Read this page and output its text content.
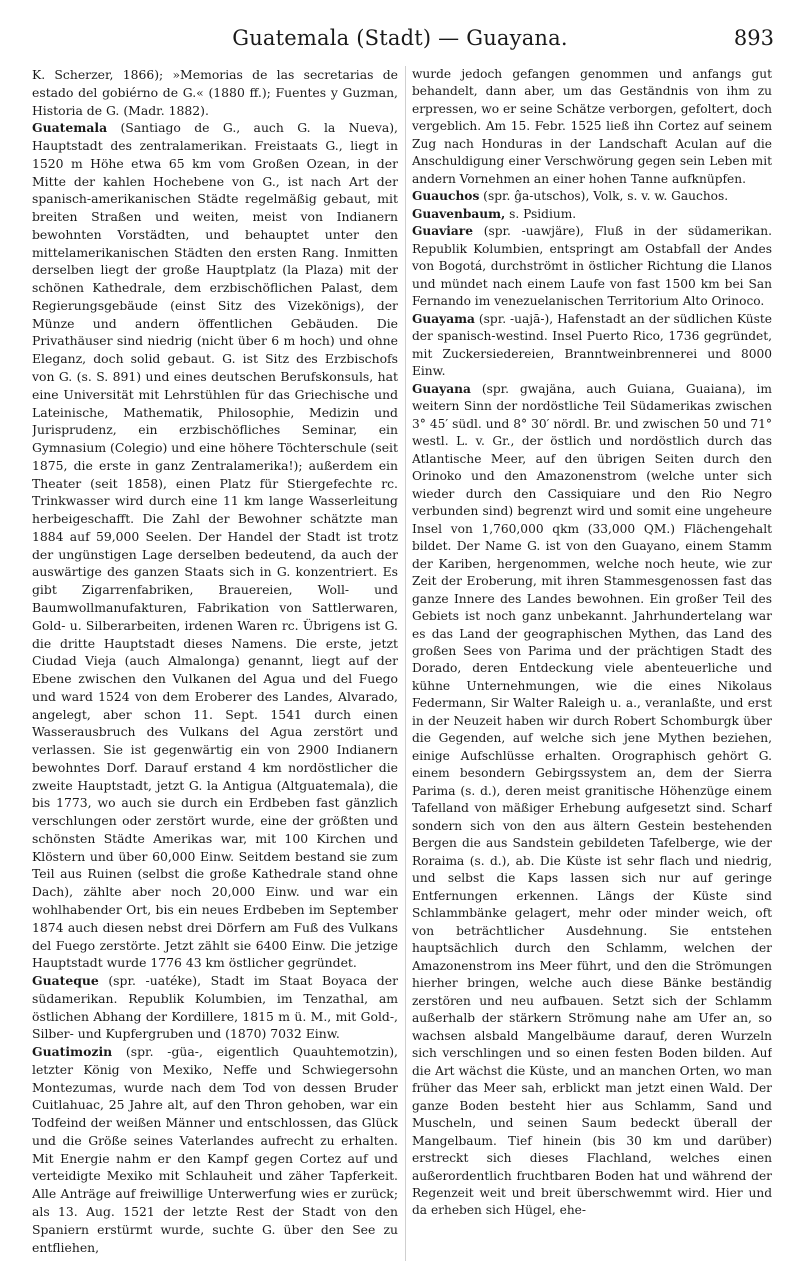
Guatemala (Stadt) — Guayana.	893

K. Scherzer, 1866); »Memorias de las secretarias de estado del gobiérno de G.« (1880 ff.); Fuentes y Guzman, Historia de G. (Madr. 1882).

Guatemala (Santiago de G., auch G. la Nueva), Hauptstadt des zentralamerikan. Freistaats G., liegt in 1520 m Höhe etwa 65 km vom Großen Ozean, in der Mitte der kahlen Hochebene von G., ist nach Art der spanisch-amerikanischen Städte regelmäßig gebaut, mit breiten Straßen und weiten, meist von Indianern bewohnten Vorstädten, und behauptet unter den mittelamerikanischen Städten den ersten Rang. Inmitten derselben liegt der große Hauptplatz (la Plaza) mit der schönen Kathedrale, dem erzbischöflichen Palast, dem Regierungsgebäude (einst Sitz des Vizekönigs), der Münze und andern öffentlichen Gebäuden. Die Privathäuser sind niedrig (nicht über 6 m hoch) und ohne Eleganz, doch solid gebaut. G. ist Sitz des Erzbischofs von G. (s. S. 891) und eines deutschen Berufskonsuls, hat eine Universität mit Lehrstühlen für das Griechische und Lateinische, Mathematik, Philosophie, Medizin und Jurisprudenz, ein erzbischöfliches Seminar, ein Gymnasium (Colegio) und eine höhere Töchterschule (seit 1875, die erste in ganz Zentralamerika!); außerdem ein Theater (seit 1858), einen Platz für Stiergefechte rc. Trinkwasser wird durch eine 11 km lange Wasserleitung herbeigeschafft. Die Zahl der Bewohner schätzte man 1884 auf 59,000 Seelen. Der Handel der Stadt ist trotz der ungünstigen Lage derselben bedeutend, da auch der auswärtige des ganzen Staats sich in G. konzentriert. Es gibt Zigarrenfabriken, Brauereien, Woll- und Baumwollmanufakturen, Fabrikation von Sattlerwaren, Gold- u. Silberarbeiten, irdenen Waren rc. Übrigens ist G. die dritte Hauptstadt dieses Namens. Die erste, jetzt Ciudad Vieja (auch Almalonga) genannt, liegt auf der Ebene zwischen den Vulkanen del Agua und del Fuego und ward 1524 von dem Eroberer des Landes, Alvarado, angelegt, aber schon 11. Sept. 1541 durch einen Wasserausbruch des Vulkans del Agua zerstört und verlassen. Sie ist gegenwärtig ein von 2900 Indianern bewohntes Dorf. Darauf erstand 4 km nordöstlicher die zweite Hauptstadt, jetzt G. la Antigua (Altguatemala), die bis 1773, wo auch sie durch ein Erdbeben fast gänzlich verschlungen oder zerstört wurde, eine der größten und schönsten Städte Amerikas war, mit 100 Kirchen und Klöstern und über 60,000 Einw. Seitdem bestand sie zum Teil aus Ruinen (selbst die große Kathedrale stand ohne Dach), zählte aber noch 20,000 Einw. und war ein wohlhabender Ort, bis ein neues Erdbeben im September 1874 auch diesen nebst drei Dörfern am Fuß des Vulkans del Fuego zerstörte. Jetzt zählt sie 6400 Einw. Die jetzige Hauptstadt wurde 1776 43 km östlicher gegründet.

Guateque (spr. -uatéke), Stadt im Staat Boyaca der südamerikan. Republik Kolumbien, im Tenzathal, am östlichen Abhang der Kordillere, 1815 m ü. M., mit Gold-, Silber- und Kupfergruben und (1870) 7032 Einw.

Guatimozin (spr. -güa-, eigentlich Quauhtemotzin), letzter König von Mexiko, Neffe und Schwiegersohn Montezumas, wurde nach dem Tod von dessen Bruder Cuitlahuac, 25 Jahre alt, auf den Thron gehoben, war ein Todfeind der weißen Männer und entschlossen, das Glück und die Größe seines Vaterlandes aufrecht zu erhalten. Mit Energie nahm er den Kampf gegen Cortez auf und verteidigte Mexiko mit Schlauheit und zäher Tapferkeit. Alle Anträge auf freiwillige Unterwerfung wies er zurück; als 13. Aug. 1521 der letzte Rest der Stadt von den Spaniern erstürmt wurde, suchte G. über den See zu entfliehen,

wurde jedoch gefangen genommen und anfangs gut behandelt, dann aber, um das Geständnis von ihm zu erpressen, wo er seine Schätze verborgen, gefoltert, doch vergeblich. Am 15. Febr. 1525 ließ ihn Cortez auf seinem Zug nach Honduras in der Landschaft Aculan auf die Anschuldigung einer Verschwörung gegen sein Leben mit andern Vornehmen an einer hohen Tanne aufknüpfen.

Guauchos (spr. ĝa-utschos), Volk, s. v. w. Gauchos.

Guavenbaum, s. Psidium.

Guaviare (spr. -uawjäre), Fluß in der südamerikan. Republik Kolumbien, entspringt am Ostabfall der Andes von Bogotá, durchströmt in östlicher Richtung die Llanos und mündet nach einem Laufe von fast 1500 km bei San Fernando im venezuelanischen Territorium Alto Orinoco.

Guayama (spr. -uajā-), Hafenstadt an der südlichen Küste der spanisch-westind. Insel Puerto Rico, 1736 gegründet, mit Zuckersiedereien, Branntweinbrennerei und 8000 Einw.

Guayana (spr. gwajäna, auch Guiana, Guaiana), im weitern Sinn der nordöstliche Teil Südamerikas zwischen 3° 45′ südl. und 8° 30′ nördl. Br. und zwischen 50 und 71° westl. L. v. Gr., der östlich und nordöstlich durch das Atlantische Meer, auf den übrigen Seiten durch den Orinoko und den Amazonenstrom (welche unter sich wieder durch den Cassiquiare und den Rio Negro verbunden sind) begrenzt wird und somit eine ungeheure Insel von 1,760,000 qkm (33,000 QM.) Flächengehalt bildet. Der Name G. ist von den Guayano, einem Stamm der Kariben, hergenommen, welche noch heute, wie zur Zeit der Eroberung, mit ihren Stammesgenossen fast das ganze Innere des Landes bewohnen. Ein großer Teil des Gebiets ist noch ganz unbekannt. Jahrhundertelang war es das Land der geographischen Mythen, das Land des großen Sees von Parima und der prächtigen Stadt des Dorado, deren Entdeckung viele abenteuerliche und kühne Unternehmungen, wie die eines Nikolaus Federmann, Sir Walter Raleigh u. a., veranlaßte, und erst in der Neuzeit haben wir durch Robert Schomburgk über die Gegenden, auf welche sich jene Mythen beziehen, einige Aufschlüsse erhalten. Orographisch gehört G. einem besondern Gebirgssystem an, dem der Sierra Parima (s. d.), deren meist granitische Höhenzüge einem Tafelland von mäßiger Erhebung aufgesetzt sind. Scharf sondern sich von den aus ältern Gestein bestehenden Bergen die aus Sandstein gebildeten Tafelberge, wie der Roraima (s. d.), ab. Die Küste ist sehr flach und niedrig, und selbst die Kaps lassen sich nur auf geringe Entfernungen erkennen. Längs der Küste sind Schlammbänke gelagert, mehr oder minder weich, oft von beträchtlicher Ausdehnung. Sie entstehen hauptsächlich durch den Schlamm, welchen der Amazonenstrom ins Meer führt, und den die Strömungen hierher bringen, welche auch diese Bänke beständig zerstören und neu aufbauen. Setzt sich der Schlamm außerhalb der stärkern Strömung nahe am Ufer an, so wachsen alsbald Mangelbäume darauf, deren Wurzeln sich verschlingen und so einen festen Boden bilden. Auf die Art wächst die Küste, und an manchen Orten, wo man früher das Meer sah, erblickt man jetzt einen Wald. Der ganze Boden besteht hier aus Schlamm, Sand und Muscheln, und seinen Saum bedeckt überall der Mangelbaum. Tief hinein (bis 30 km und darüber) erstreckt sich dieses Flachland, welches einen außerordentlich fruchtbaren Boden hat und während der Regenzeit weit und breit überschwemmt wird. Hier und da erheben sich Hügel, ehe-
